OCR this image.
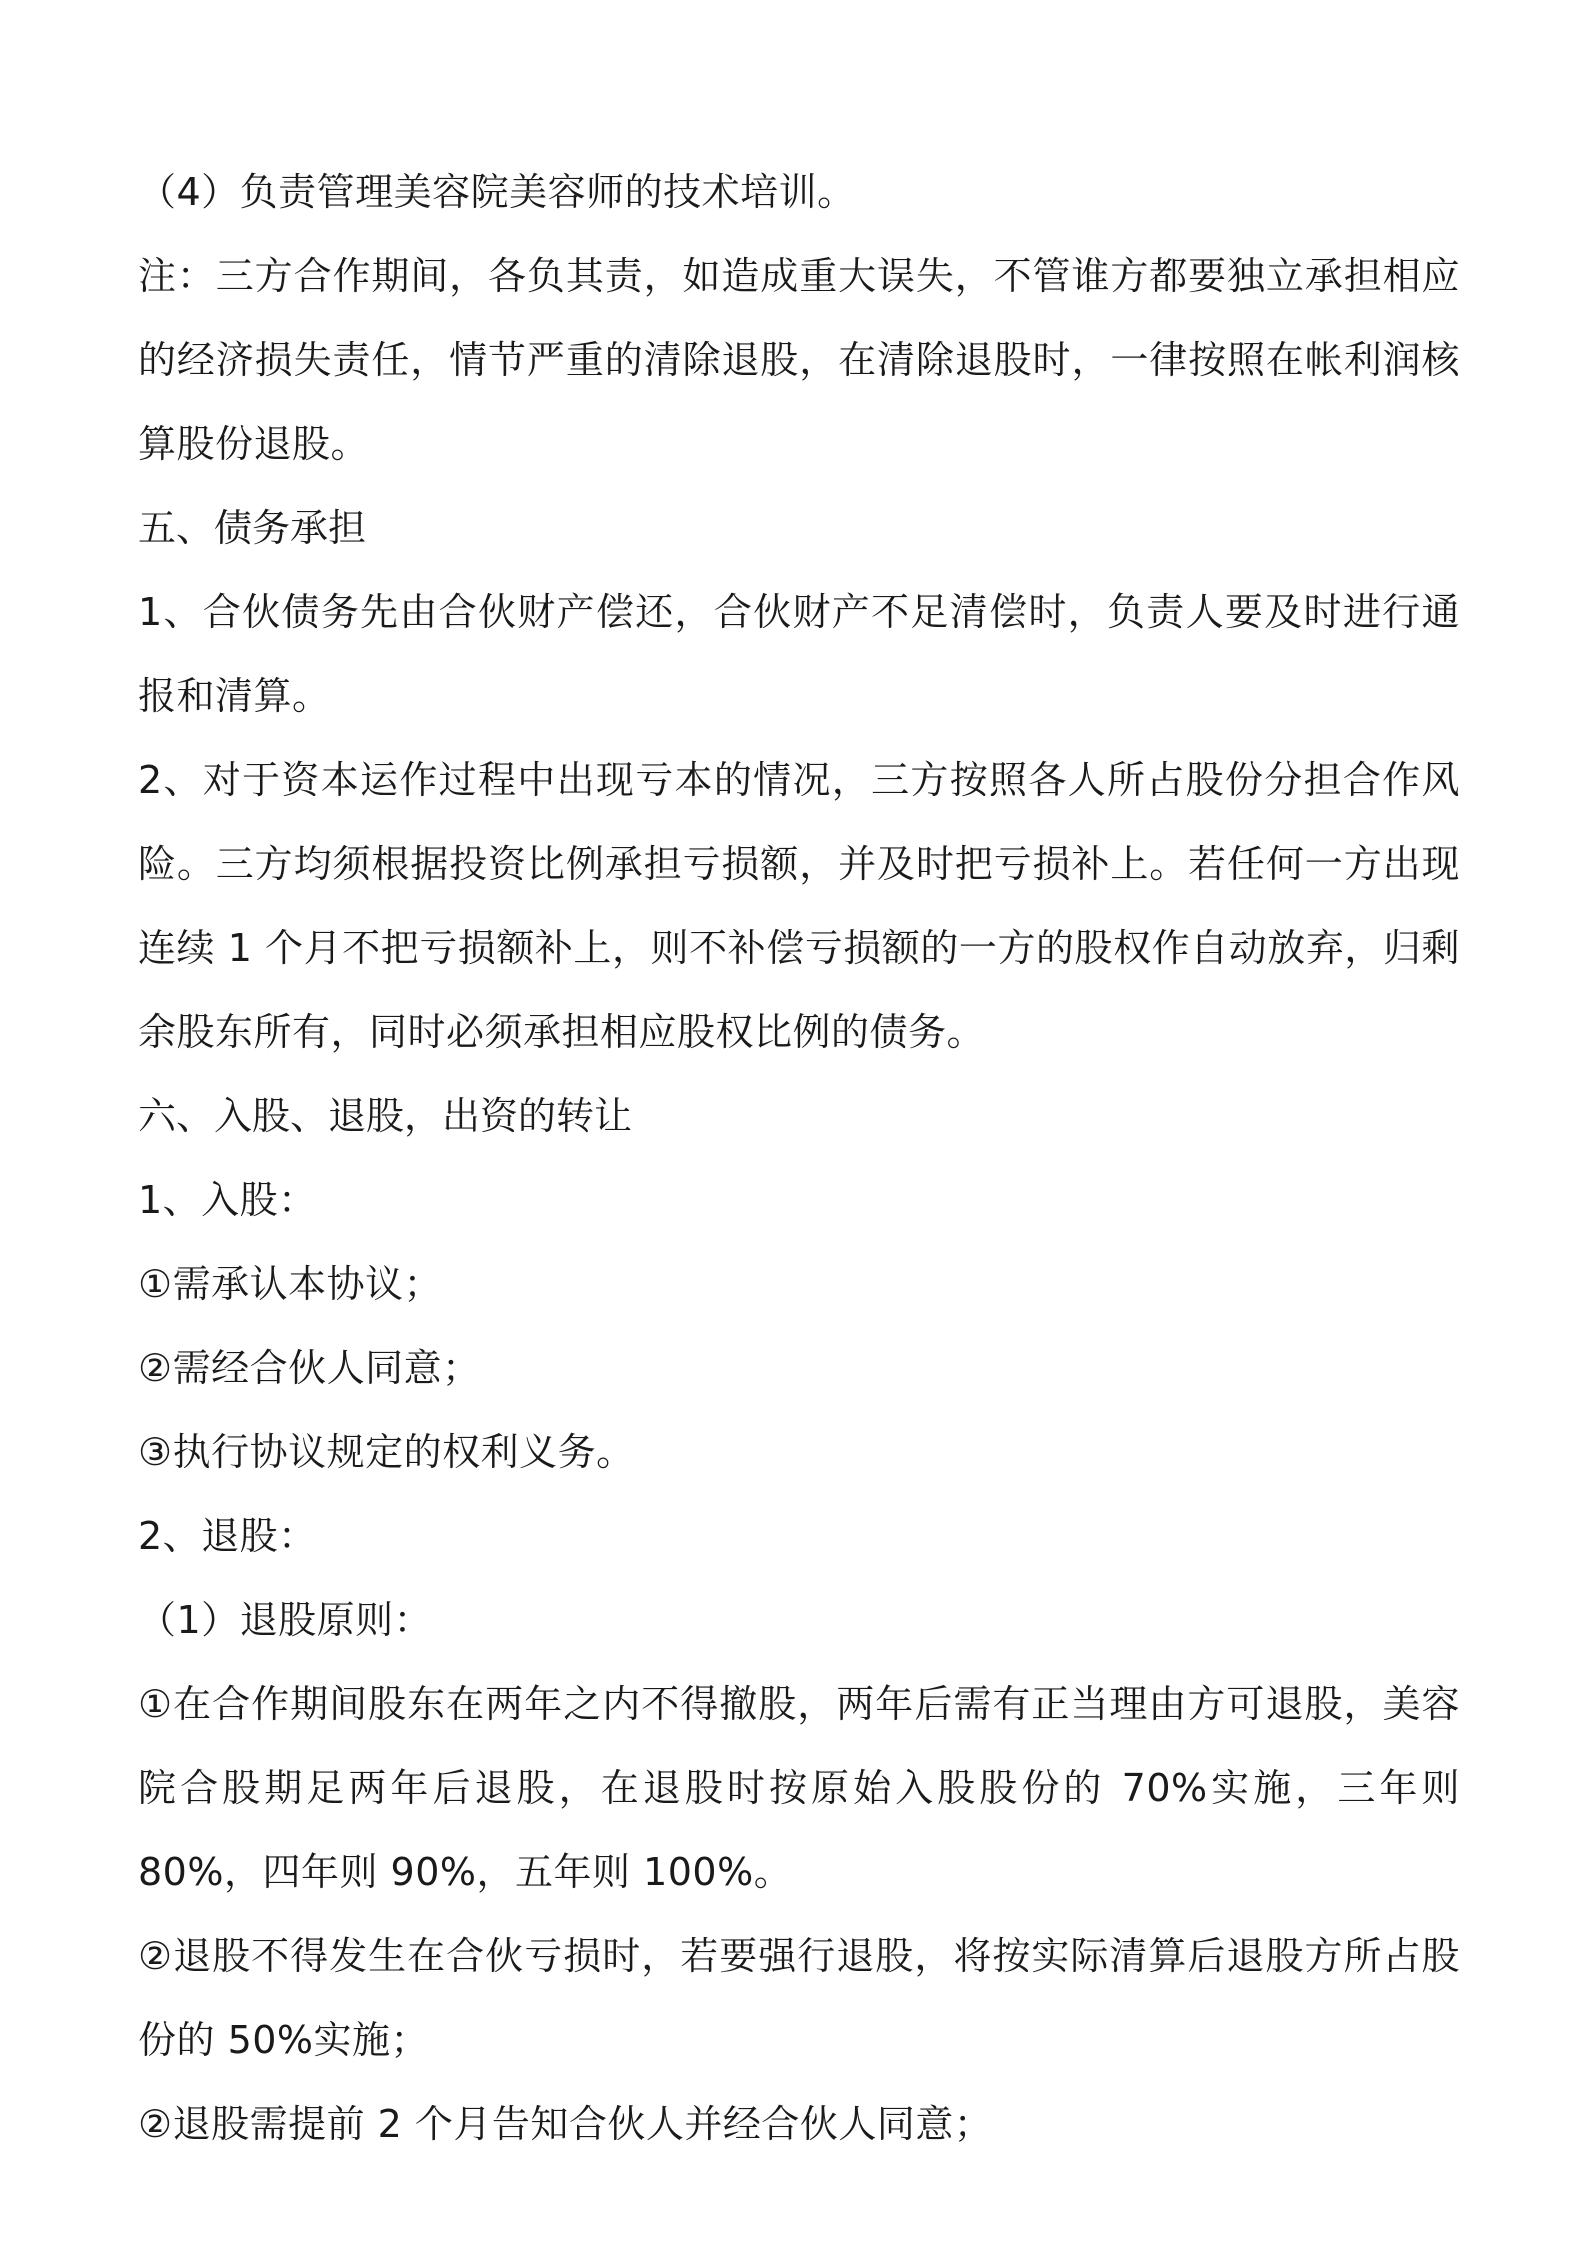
（4）负责管理美容院美容师的技术培训。

注：三方合作期间，各负其责，如造成重大误失，不管谁方都要独立承担相应的经济损失责任，情节严重的清除退股，在清除退股时，一律按照在帐利润核算股份退股。

五、债务承担

1、合伙债务先由合伙财产偿还，合伙财产不足清偿时，负责人要及时进行通报和清算。

2、对于资本运作过程中出现亏本的情况，三方按照各人所占股份分担合作风险。三方均须根据投资比例承担亏损额，并及时把亏损补上。若任何一方出现连续 1 个月不把亏损额补上，则不补偿亏损额的一方的股权作自动放弃，归剩余股东所有，同时必须承担相应股权比例的债务。

六、入股、退股，出资的转让

1、入股：

①需承认本协议；

②需经合伙人同意；

③执行协议规定的权利义务。

2、退股：

（1）退股原则：

①在合作期间股东在两年之内不得撤股，两年后需有正当理由方可退股，美容院合股期足两年后退股，在退股时按原始入股股份的 70%实施，三年则 80%，四年则 90%，五年则 100%。

②退股不得发生在合伙亏损时，若要强行退股，将按实际清算后退股方所占股份的 50%实施；

②退股需提前 2 个月告知合伙人并经合伙人同意；
